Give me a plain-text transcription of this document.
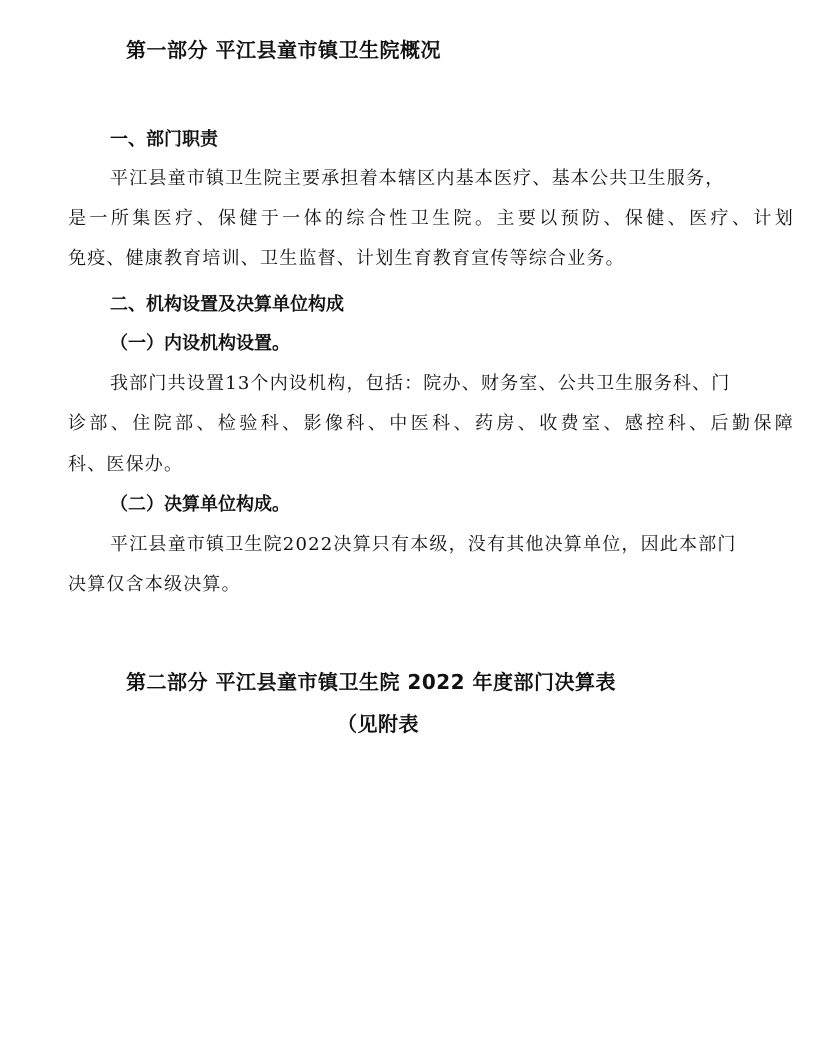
第一部分 平江县童市镇卫生院概况
一、部门职责

平江县童市镇卫生院主要承担着本辖区内基本医疗、基本公共卫生服务，

是一所集医疗、保健于一体的综合性卫生院。主要以预防、保健、医疗、计划

免疫、健康教育培训、卫生监督、计划生育教育宣传等综合业务。

二、机构设置及决算单位构成
（一）内设机构设置。

我部门共设置13个内设机构，包括：院办、财务室、公共卫生服务科、门

诊部、住院部、检验科、影像科、中医科、药房、收费室、感控科、后勤保障

科、医保办。

（二）决算单位构成。

平江县童市镇卫生院2022决算只有本级，没有其他决算单位，因此本部门

决算仅含本级决算。

第二部分 平江县童市镇卫生院 2022 年度部门决算表
（见附表
